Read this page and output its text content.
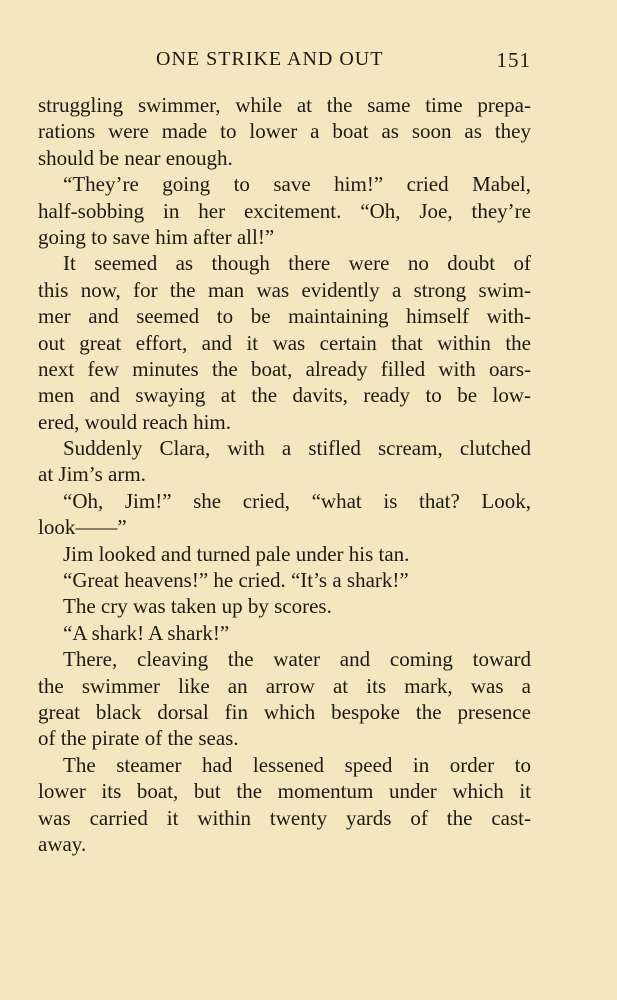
ONE STRIKE AND OUT	151
struggling swimmer, while at the same time prepa-
rations were made to lower a boat as soon as they
should be near enough.
“They’re going to save him!” cried Mabel,
half-sobbing in her excitement. “Oh, Joe, they’re
going to save him after all!”
It seemed as though there were no doubt of
this now, for the man was evidently a strong swim-
mer and seemed to be maintaining himself with-
out great effort, and it was certain that within the
next few minutes the boat, already filled with oars-
men and swaying at the davits, ready to be low-
ered, would reach him.
Suddenly Clara, with a stifled scream, clutched
at Jim’s arm.
“Oh, Jim!” she cried, “what is that? Look,
look——”
Jim looked and turned pale under his tan.
“Great heavens!” he cried. “It’s a shark!”
The cry was taken up by scores.
“A shark! A shark!”
There, cleaving the water and coming toward
the swimmer like an arrow at its mark, was a
great black dorsal fin which bespoke the presence
of the pirate of the seas.
The steamer had lessened speed in order to
lower its boat, but the momentum under which it
was carried it within twenty yards of the cast-
away.
